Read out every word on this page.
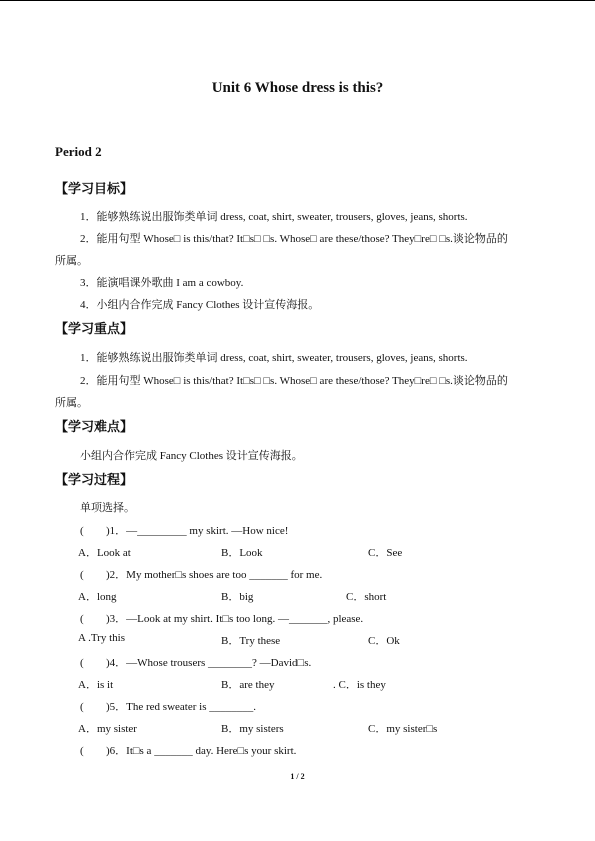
Unit 6 Whose dress is this?
Period 2
【学习目标】
1．能够熟练说出服饰类单词 dress, coat, shirt, sweater, trousers, gloves, jeans, shorts.
2．能用句型 Whose□ is this/that? It□s□ □s. Whose□ are these/those? They□re□ □s.谈论物品的
所属。
3．能演唱课外歌曲 I am a cowboy.
4．小组内合作完成 Fancy Clothes 设计宣传海报。
【学习重点】
1．能够熟练说出服饰类单词 dress, coat, shirt, sweater, trousers, gloves, jeans, shorts.
2．能用句型 Whose□ is this/that? It□s□ □s. Whose□ are these/those? They□re□ □s.谈论物品的
所属。
【学习难点】
小组内合作完成 Fancy Clothes 设计宣传海报。
【学习过程】
单项选择。
( )1．—_________ my skirt. —How nice!
A．Look at	B．Look	C．See
( )2．My mother□s shoes are too _______ for me.
A．long	B．big	C．short
( )3．—Look at my shirt. It□s too long. —_______, please.
A .Try this	B．Try these	C．Ok
( )4．—Whose trousers ________? —David□s.
A．is it	B．are they	. C．is they
( )5．The red sweater is ________.
A．my sister	B．my sisters	C．my sister□s
( )6．It□s a _______ day. Here□s your skirt.
1 / 2
